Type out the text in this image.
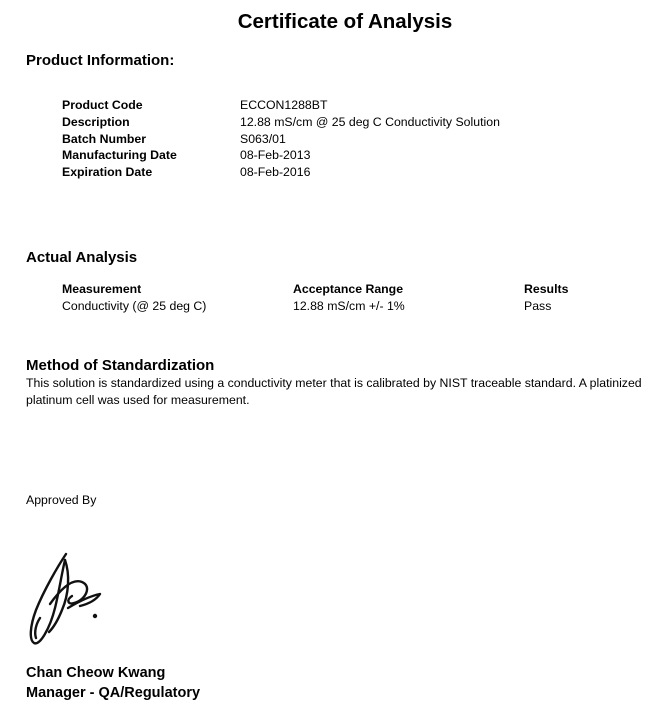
Certificate of Analysis
Product Information:
Product Code	ECCON1288BT
Description	12.88 mS/cm @ 25 deg C Conductivity Solution
Batch Number	S063/01
Manufacturing Date	08-Feb-2013
Expiration Date	08-Feb-2016
Actual Analysis
Measurement	Acceptance Range	Results
Conductivity (@ 25 deg C)	12.88 mS/cm +/- 1%	Pass
Method of Standardization
This solution is standardized using a conductivity meter that is calibrated by NIST traceable standard. A platinized platinum cell was used for measurement.
Approved By
Chan Cheow Kwang
Manager - QA/Regulatory
